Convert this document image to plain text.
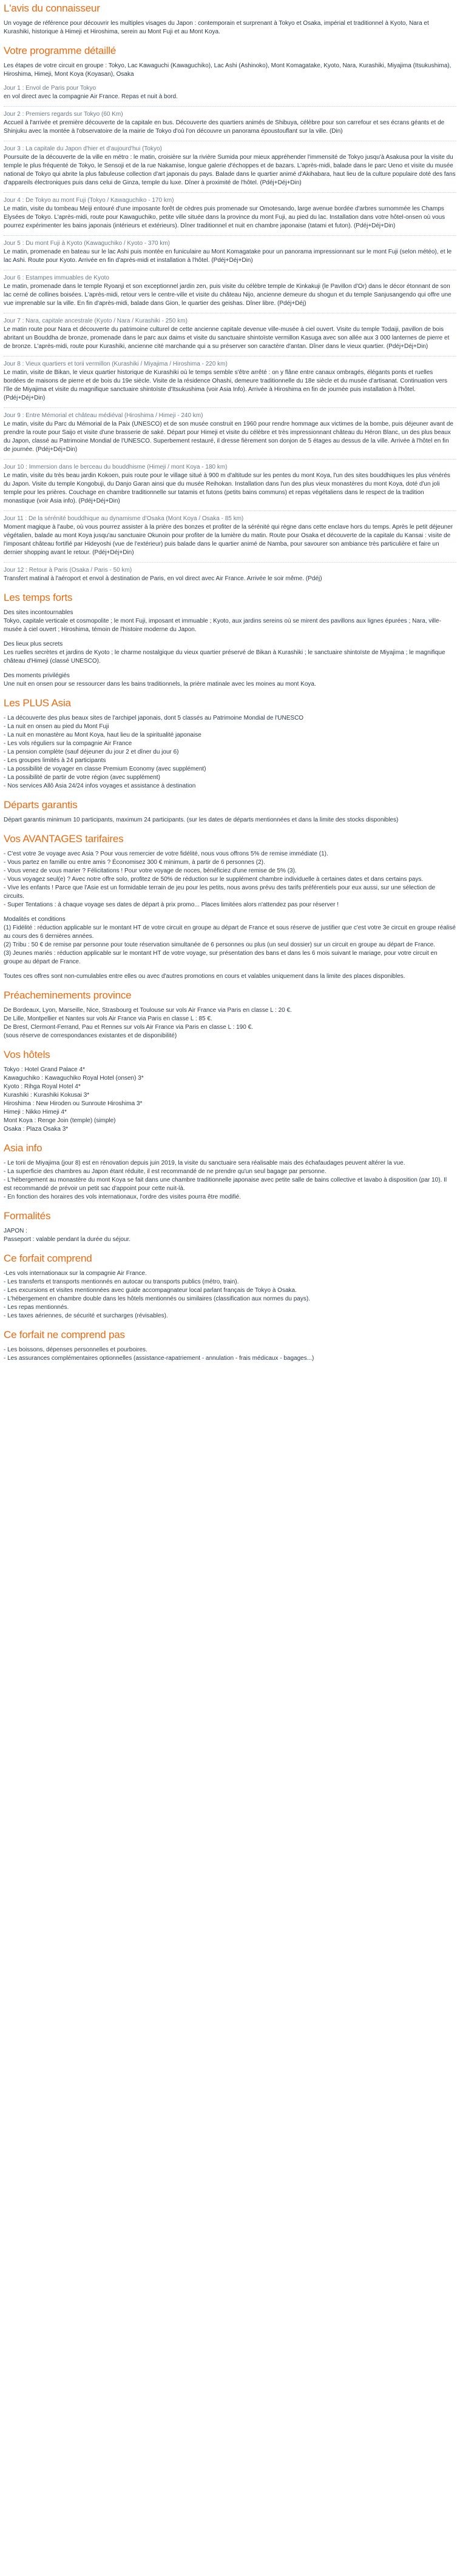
L'avis du connaisseur

Un voyage de référence pour découvrir les multiples visages du Japon : contemporain et surprenant à Tokyo et Osaka, impérial et traditionnel à Kyoto, Nara et Kurashiki, historique à Himeji et Hiroshima, serein au Mont Fuji et au Mont Koya.

Votre programme détaillé

Les étapes de votre circuit en groupe : Tokyo, Lac Kawaguchi (Kawaguchiko), Lac Ashi (Ashinoko), Mont Komagatake, Kyoto, Nara, Kurashiki, Miyajima (Itsukushima), Hiroshima, Himeji, Mont Koya (Koyasan), Osaka

Jour 1 : Envol de Paris pour Tokyo

en vol direct avec la compagnie Air France. Repas et nuit à bord.

Jour 2 : Premiers regards sur Tokyo (60 Km)

Accueil à l'arrivée et première découverte de la capitale en bus. Découverte des quartiers animés de Shibuya, célèbre pour son carrefour et ses écrans géants et de Shinjuku avec la montée à l'observatoire de la mairie de Tokyo d'où l'on découvre un panorama époustouflant sur la ville. (Din)

Jour 3 : La capitale du Japon d'hier et d'aujourd'hui (Tokyo)

Poursuite de la découverte de la ville en métro : le matin, croisière sur la rivière Sumida pour mieux appréhender l'immensité de Tokyo jusqu'à Asakusa pour la visite du temple le plus fréquenté de Tokyo, le Sensoji et de la rue Nakamise, longue galerie d'échoppes et de bazars. L'après-midi, balade dans le parc Ueno et visite du musée national de Tokyo qui abrite la plus fabuleuse collection d'art japonais du pays. Balade dans le quartier animé d'Akihabara, haut lieu de la culture populaire doté des fans d'appareils électroniques puis dans celui de Ginza, temple du luxe. Dîner à proximité de l'hôtel. (Pdéj+Déj+Din)

Jour 4 : De Tokyo au mont Fuji (Tokyo / Kawaguchiko - 170 km)

Le matin, visite du tombeau Meiji entouré d'une imposante forêt de cèdres puis promenade sur Omotesando, large avenue bordée d'arbres surnommée les Champs Elysées de Tokyo. L'après-midi, route pour Kawaguchiko, petite ville située dans la province du mont Fuji, au pied du lac. Installation dans votre hôtel-onsen où vous pourrez expérimenter les bains japonais (intérieurs et extérieurs). Dîner traditionnel et nuit en chambre japonaise (tatami et futon). (Pdéj+Déj+Din)

Jour 5 : Du mont Fuji à Kyoto (Kawaguchiko / Kyoto - 370 km)

Le matin, promenade en bateau sur le lac Ashi puis montée en funiculaire au Mont Komagatake pour un panorama impressionnant sur le mont Fuji (selon météo), et le lac Ashi. Route pour Kyoto. Arrivée en fin d'après-midi et installation à l'hôtel. (Pdéj+Déj+Din)

Jour 6 : Estampes immuables de Kyoto

Le matin, promenade dans le temple Ryoanji et son exceptionnel jardin zen, puis visite du célèbre temple de Kinkakuji (le Pavillon d'Or) dans le décor étonnant de son lac cerné de collines boisées. L'après-midi, retour vers le centre-ville et visite du château Nijo, ancienne demeure du shogun et du temple Sanjusangendo qui offre une vue imprenable sur la ville. En fin d'après-midi, balade dans Gion, le quartier des geishas. Dîner libre. (Pdéj+Déj)

Jour 7 : Nara, capitale ancestrale (Kyoto / Nara / Kurashiki - 250 km)

Le matin route pour Nara et découverte du patrimoine culturel de cette ancienne capitale devenue ville-musée à ciel ouvert. Visite du temple Todaiji, pavillon de bois abritant un Bouddha de bronze, promenade dans le parc aux daims et visite du sanctuaire shintoïste vermillon Kasuga avec son allée aux 3 000 lanternes de pierre et de bronze. L'après-midi, route pour Kurashiki, ancienne cité marchande qui a su préserver son caractère d'antan. Dîner dans le vieux quartier. (Pdéj+Déj+Din)

Jour 8 : Vieux quartiers et torii vermillon (Kurashiki / Miyajima / Hiroshima - 220 km)

Le matin, visite de Bikan, le vieux quartier historique de Kurashiki où le temps semble s'être arrêté : on y flâne entre canaux ombragés, élégants ponts et ruelles bordées de maisons de pierre et de bois du 19e siècle. Visite de la résidence Ohashi, demeure traditionnelle du 18e siècle et du musée d'artisanat. Continuation vers l'île de Miyajima et visite du magnifique sanctuaire shintoïste d'Itsukushima (voir Asia Info). Arrivée à Hiroshima en fin de journée puis installation à l'hôtel. (Pdéj+Déj+Din)

Jour 9 : Entre Mémorial et château médiéval (Hiroshima / Himeji - 240 km)

Le matin, visite du Parc du Mémorial de la Paix (UNESCO) et de son musée construit en 1960 pour rendre hommage aux victimes de la bombe, puis déjeuner avant de prendre la route pour Saijo et visite d'une brasserie de saké. Départ pour Himeji et visite du célèbre et très impressionnant château du Héron Blanc, un des plus beaux du Japon, classé au Patrimoine Mondial de l'UNESCO. Superbement restauré, il dresse fièrement son donjon de 5 étages au dessus de la ville. Arrivée à l'hôtel en fin de journée. (Pdéj+Déj+Din)

Jour 10 : Immersion dans le berceau du bouddhisme (Himeji / mont Koya - 180 km)

Le matin, visite du très beau jardin Kokoen, puis route pour le village situé à 900 m d'altitude sur les pentes du mont Koya, l'un des sites bouddhiques les plus vénérés du Japon. Visite du temple Kongobuji, du Danjo Garan ainsi que du musée Reihokan. Installation dans l'un des plus vieux monastères du mont Koya, doté d'un joli temple pour les prières. Couchage en chambre traditionnelle sur tatamis et futons (petits bains communs) et repas végétaliens dans le respect de la tradition monastique (voir Asia info). (Pdéj+Déj+Din)

Jour 11 : De la sérénité bouddhique au dynamisme d'Osaka (Mont Koya / Osaka - 85 km)

Moment magique à l'aube, où vous pourrez assister à la prière des bonzes et profiter de la sérénité qui règne dans cette enclave hors du temps. Après le petit déjeuner végétalien, balade au mont Koya jusqu'au sanctuaire Okunoin pour profiter de la lumière du matin. Route pour Osaka et découverte de la capitale du Kansai : visite de l'imposant château fortifié par Hideyoshi (vue de l'extérieur) puis balade dans le quartier animé de Namba, pour savourer son ambiance très particulière et faire un dernier shopping avant le retour. (Pdéj+Déj+Din)

Jour 12 : Retour à Paris (Osaka / Paris - 50 km)

Transfert matinal à l'aéroport et envol à destination de Paris, en vol direct avec Air France. Arrivée le soir même. (Pdéj)

Les temps forts

Des sites incontournables

Tokyo, capitale verticale et cosmopolite ; le mont Fuji, imposant et immuable ; Kyoto, aux jardins sereins où se mirent des pavillons aux lignes épurées ; Nara, ville-musée à ciel ouvert ; Hiroshima, témoin de l'histoire moderne du Japon.

Des lieux plus secrets

Les ruelles secrètes et jardins de Kyoto ; le charme nostalgique du vieux quartier préservé de Bikan à Kurashiki ; le sanctuaire shintoïste de Miyajima ; le magnifique château d'Himeji (classé UNESCO).

Des moments privilégiés

Une nuit en onsen pour se ressourcer dans les bains traditionnels, la prière matinale avec les moines au mont Koya.

Les PLUS Asia

- La découverte des plus beaux sites de l'archipel japonais, dont 5 classés au Patrimoine Mondial de l'UNESCO

- La nuit en onsen au pied du Mont Fuji

- La nuit en monastère au Mont Koya, haut lieu de la spiritualité japonaise

- Les vols réguliers sur la compagnie Air France

- La pension complète (sauf déjeuner du jour 2 et dîner du jour 6)

- Les groupes limités à 24 participants

- La possibilité de voyager en classe Premium Economy (avec supplément)

- La possibilité de partir de votre région (avec supplément)

- Nos services Allô Asia 24/24 infos voyages et assistance à destination

Départs garantis

Départ garantis minimum 10 participants, maximum 24 participants. (sur les dates de départs mentionnées et dans la limite des stocks disponibles)

Vos AVANTAGES tarifaires

- C'est votre 3e voyage avec Asia ? Pour vous remercier de votre fidélité, nous vous offrons 5% de remise immédiate (1).

- Vous partez en famille ou entre amis ? Économisez 300 € minimum, à partir de 6 personnes (2).

- Vous venez de vous marier ? Félicitations ! Pour votre voyage de noces, bénéficiez d'une remise de 5% (3).

- Vous voyagez seul(e) ? Avec notre offre solo, profitez de 50% de réduction sur le supplément chambre individuelle à certaines dates et dans certains pays.

- Vive les enfants ! Parce que l'Asie est un formidable terrain de jeu pour les petits, nous avons prévu des tarifs préférentiels pour eux aussi, sur une sélection de circuits.

- Super Tentations : à chaque voyage ses dates de départ à prix promo... Places limitées alors n'attendez pas pour réserver !

Modalités et conditions

(1) Fidélité : réduction applicable sur le montant HT de votre circuit en groupe au départ de France et sous réserve de justifier que c'est votre 3e circuit en groupe réalisé au cours des 6 dernières années.

(2) Tribu : 50 € de remise par personne pour toute réservation simultanée de 6 personnes ou plus (un seul dossier) sur un circuit en groupe au départ de France.

(3) Jeunes mariés : réduction applicable sur le montant HT de votre voyage, sur présentation des bans et dans les 6 mois suivant le mariage, pour votre circuit en groupe au départ de France.

Toutes ces offres sont non-cumulables entre elles ou avec d'autres promotions en cours et valables uniquement dans la limite des places disponibles.

Préacheminements province

De Bordeaux, Lyon, Marseille, Nice, Strasbourg et Toulouse sur vols Air France via Paris en classe L : 20 €.

De Lille, Montpellier et Nantes sur vols Air France via Paris en classe L : 85 €.

De Brest, Clermont-Ferrand, Pau et Rennes sur vols Air France via Paris en classe L : 190 €.

(sous réserve de correspondances existantes et de disponibilité)

Vos hôtels

Tokyo : Hotel Grand Palace 4*

Kawaguchiko : Kawaguchiko Royal Hotel (onsen) 3*

Kyoto : Rihga Royal Hotel 4*

Kurashiki : Kurashiki Kokusai 3*

Hiroshima : New Hiroden ou Sunroute Hiroshima 3*

Himeji : Nikko Himeji 4*

Mont Koya : Renge Join (temple) (simple)

Osaka : Plaza Osaka 3*

Asia info

- Le torii de Miyajima (jour 8) est en rénovation depuis juin 2019, la visite du sanctuaire sera réalisable mais des échafaudages peuvent altérer la vue.

- La superficie des chambres au Japon étant réduite, il est recommandé de ne prendre qu'un seul bagage par personne.

- L'hébergement au monastère du mont Koya se fait dans une chambre traditionnelle japonaise avec petite salle de bains collective et lavabo à disposition (par 10). Il est recommandé de prévoir un petit sac d'appoint pour cette nuit-là.

- En fonction des horaires des vols internationaux, l'ordre des visites pourra être modifié.

Formalités

JAPON :

Passeport : valable pendant la durée du séjour.

Ce forfait comprend

-Les vols internationaux sur la compagnie Air France.

- Les transferts et transports mentionnés en autocar ou transports publics (métro, train).

- Les excursions et visites mentionnées avec guide accompagnateur local parlant français de Tokyo à Osaka.

- L'hébergement en chambre double dans les hôtels mentionnés ou similaires (classification aux normes du pays).

- Les repas mentionnés.

- Les taxes aériennes, de sécurité et surcharges (révisables).

Ce forfait ne comprend pas

- Les boissons, dépenses personnelles et pourboires.

- Les assurances complémentaires optionnelles (assistance-rapatriement - annulation - frais médicaux - bagages...)
